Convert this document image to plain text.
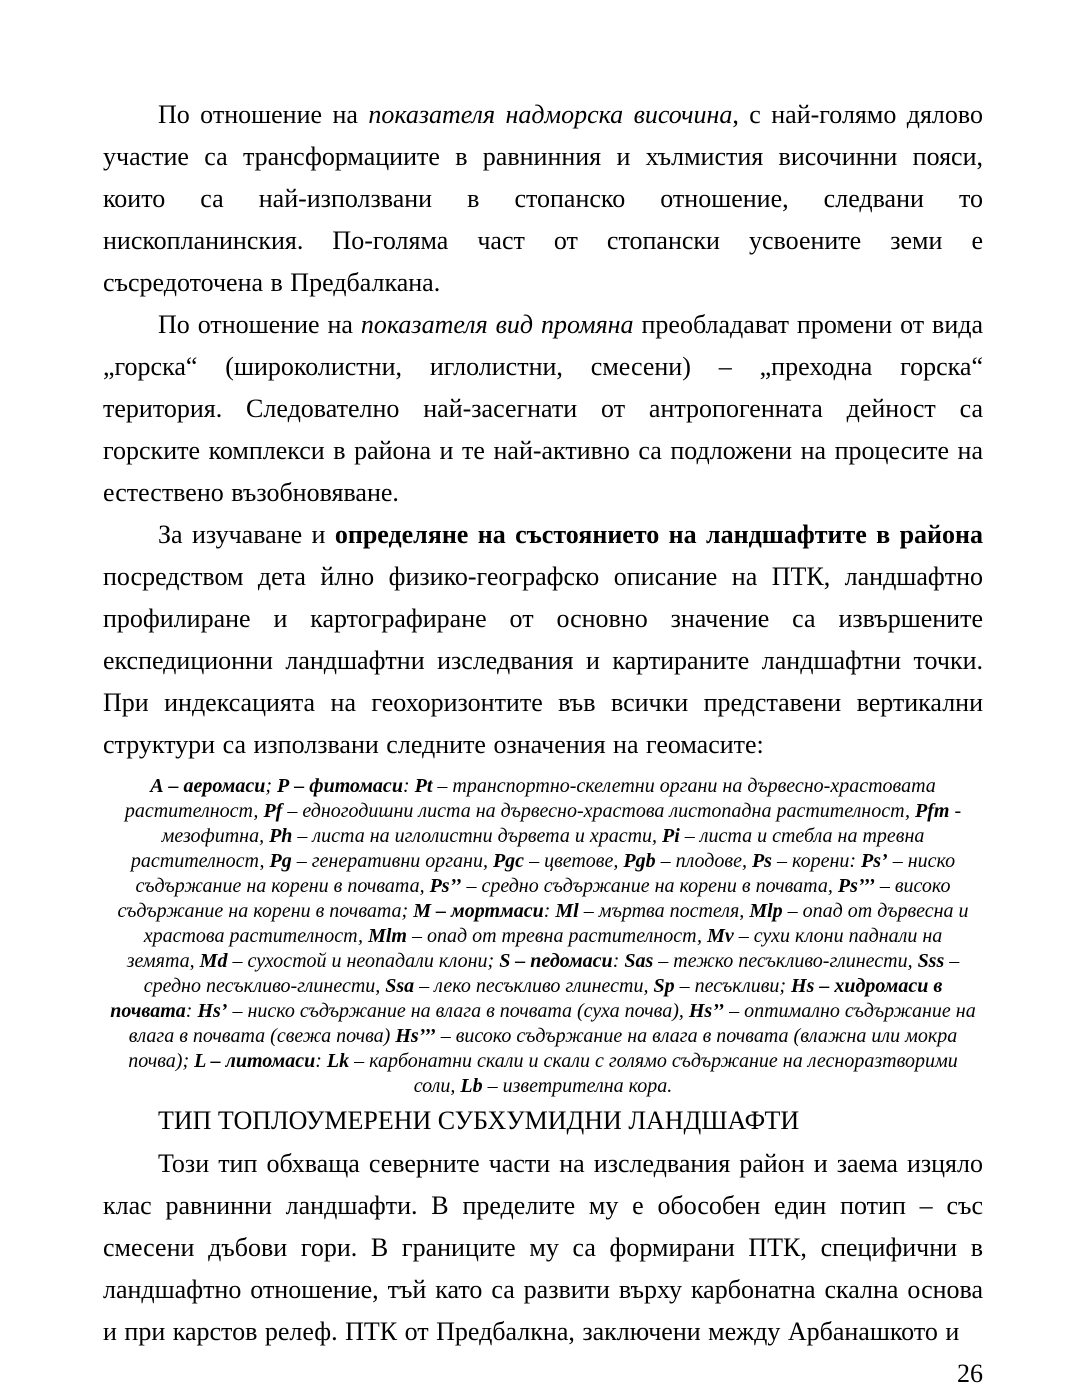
По отношение на показателя надморска височина, с най-голямо дялово участие са трансформациите в равнинния и хълмистия височинни пояси, които са най-използвани в стопанско отношение, следвани то нископланинския. По-голяма част от стопански усвоените земи е съсредоточена в Предбалкана.

По отношение на показателя вид промяна преобладават промени от вида „горска“ (широколистни, иглолистни, смесени) – „преходна горска“ територия. Следователно най-засегнати от антропогенната дейност са горските комплекси в района и те най-активно са подложени на процесите на естествено възобновяване.

За изучаване и определяне на състоянието на ландшафтите в района посредством дета йлно физико-географско описание на ПТК, ландшафтно профилиране и картографиране от основно значение са извършените експедиционни ландшафтни изследвания и картираните ландшафтни точки. При индексацията на геохоризонтите във всички представени вертикални структури са използвани следните означения на геомасите:

А – аеромаси; Р – фитомаси: Pt – транспортно-скелетни органи на дървесно-храстовата растителност, Pf – едногодишни листа на дървесно-храстова листопадна растителност, Pfm - мезофитна, Ph – листа на иглолистни дървета и храсти, Pi – листа и стебла на тревна растителност, Pg – генеративни органи, Pgc – цветове, Pgb – плодове, Ps – корени: Ps’ – ниско съдържание на корени в почвата, Ps’’ – средно съдържание на корени в почвата, Ps’’’ – високо съдържание на корени в почвата; М – мортмаси: Ml – мъртва постеля, Mlp – опад от дървесна и храстова растителност, Mlm – опад от тревна растителност, Mv – сухи клони паднали на земята, Md – сухостой и неопадали клони; S – педомаси: Sas – тежко песъкливо-глинести, Sss – средно песъкливо-глинести, Ssa – леко песъкливо глинести, Sp – песъкливи; Hs – хидромаси в почвата: Hs’ – ниско съдържание на влага в почвата (суха почва), Hs’’ – оптимално съдържание на влага в почвата (свежа почва) Hs’’’ – високо съдържание на влага в почвата (влажна или мокра почва); L – литомаси: Lk – карбонатни скали и скали с голямо съдържание на лесноразтворими соли, Lb – изветрителна кора.

ТИП ТОПЛОУМЕРЕНИ СУБХУМИДНИ ЛАНДШАФТИ

Този тип обхваща северните части на изследвания район и заема изцяло клас равнинни ландшафти. В пределите му е обособен един потип – със смесени дъбови гори. В границите му са формирани ПТК, специфични в ландшафтно отношение, тъй като са развити върху карбонатна скална основа и при карстов релеф. ПТК от Предбалкна, заключени между Арбанашкото и

26
